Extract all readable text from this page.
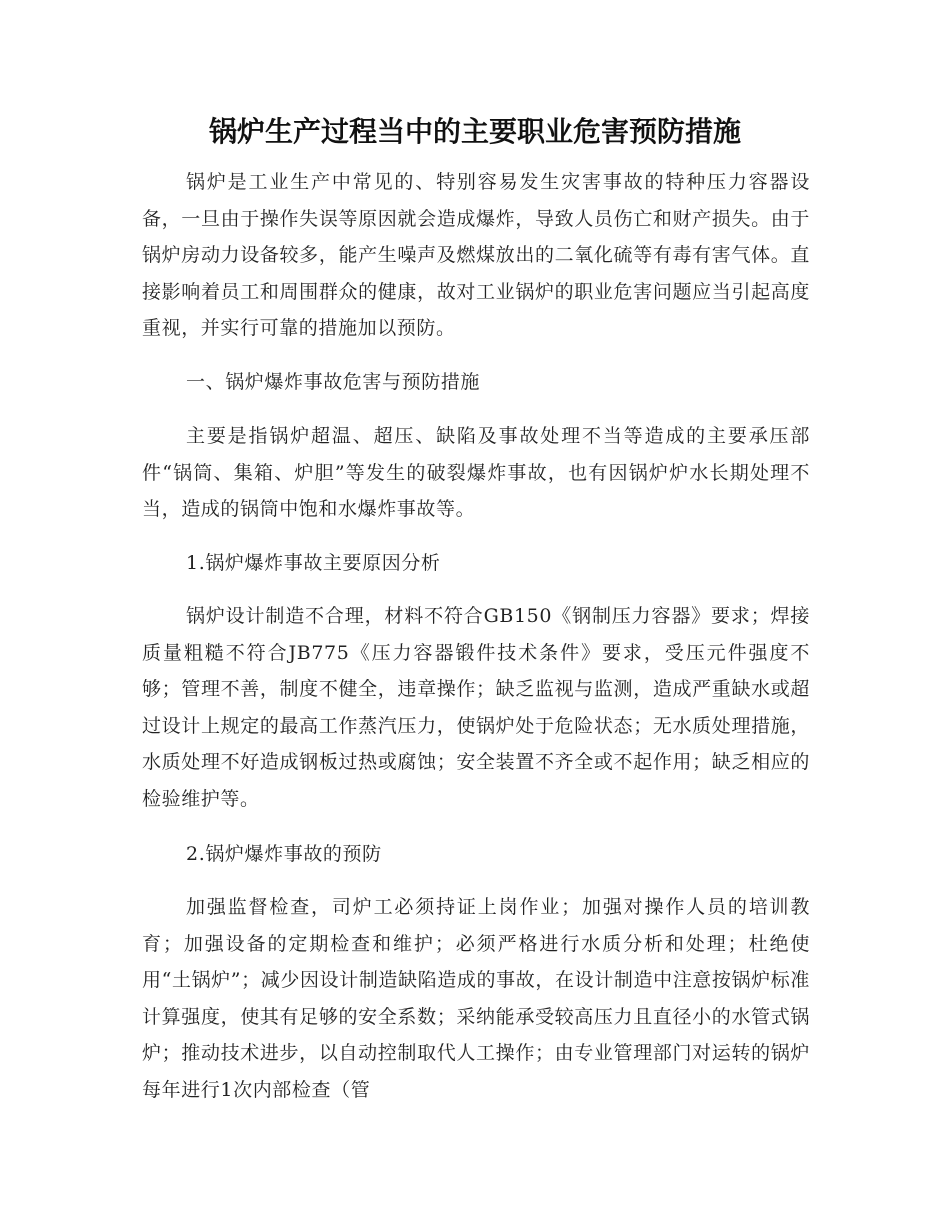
锅炉生产过程当中的主要职业危害预防措施

锅炉是工业生产中常见的、特别容易发生灾害事故的特种压力容器设备，一旦由于操作失误等原因就会造成爆炸，导致人员伤亡和财产损失。由于锅炉房动力设备较多，能产生噪声及燃煤放出的二氧化硫等有毒有害气体。直接影响着员工和周围群众的健康，故对工业锅炉的职业危害问题应当引起高度重视，并实行可靠的措施加以预防。

一、锅炉爆炸事故危害与预防措施

主要是指锅炉超温、超压、缺陷及事故处理不当等造成的主要承压部件“锅筒、集箱、炉胆”等发生的破裂爆炸事故，也有因锅炉炉水长期处理不当，造成的锅筒中饱和水爆炸事故等。

1.锅炉爆炸事故主要原因分析

锅炉设计制造不合理，材料不符合GB150《钢制压力容器》要求；焊接质量粗糙不符合JB775《压力容器锻件技术条件》要求，受压元件强度不够；管理不善，制度不健全，违章操作；缺乏监视与监测，造成严重缺水或超过设计上规定的最高工作蒸汽压力，使锅炉处于危险状态；无水质处理措施，水质处理不好造成钢板过热或腐蚀；安全装置不齐全或不起作用；缺乏相应的检验维护等。

2.锅炉爆炸事故的预防

加强监督检查，司炉工必须持证上岗作业；加强对操作人员的培训教育；加强设备的定期检查和维护；必须严格进行水质分析和处理；杜绝使用“土锅炉”；减少因设计制造缺陷造成的事故，在设计制造中注意按锅炉标准计算强度，使其有足够的安全系数；采纳能承受较高压力且直径小的水管式锅炉；推动技术进步，以自动控制取代人工操作；由专业管理部门对运转的锅炉每年进行1次内部检查（管
